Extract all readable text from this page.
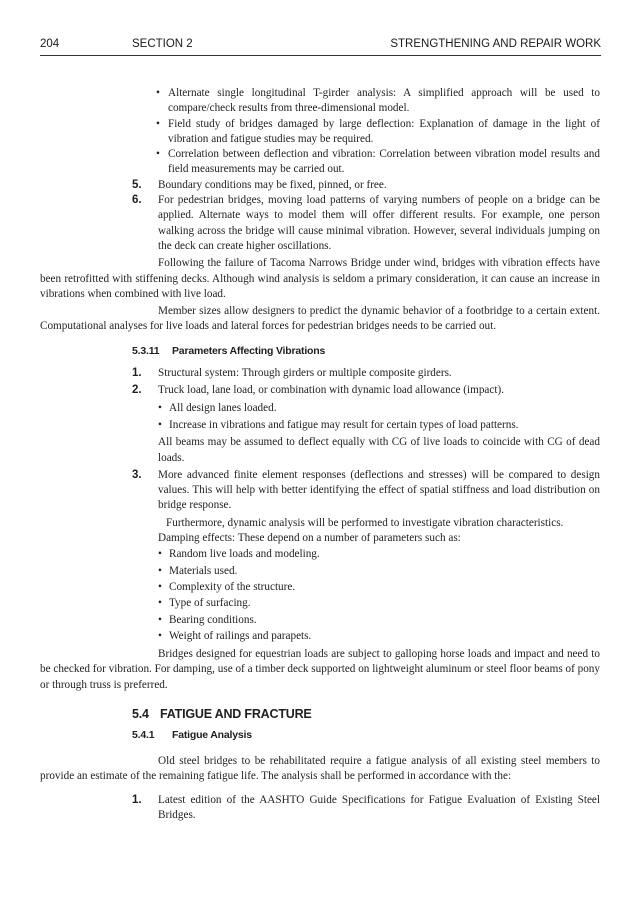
204	SECTION 2	STRENGTHENING AND REPAIR WORK
• Alternate single longitudinal T-girder analysis: A simplified approach will be used to compare/check results from three-dimensional model.
• Field study of bridges damaged by large deflection: Explanation of damage in the light of vibration and fatigue studies may be required.
• Correlation between deflection and vibration: Correlation between vibration model results and field measurements may be carried out.
5. Boundary conditions may be fixed, pinned, or free.
6. For pedestrian bridges, moving load patterns of varying numbers of people on a bridge can be applied. Alternate ways to model them will offer different results. For example, one person walking across the bridge will cause minimal vibration. However, several individuals jumping on the deck can create higher oscillations.
Following the failure of Tacoma Narrows Bridge under wind, bridges with vibration effects have been retrofitted with stiffening decks. Although wind analysis is seldom a primary consideration, it can cause an increase in vibrations when combined with live load.
Member sizes allow designers to predict the dynamic behavior of a footbridge to a certain extent. Computational analyses for live loads and lateral forces for pedestrian bridges needs to be carried out.
5.3.11 Parameters Affecting Vibrations
1. Structural system: Through girders or multiple composite girders.
2. Truck load, lane load, or combination with dynamic load allowance (impact).
• All design lanes loaded.
• Increase in vibrations and fatigue may result for certain types of load patterns.
All beams may be assumed to deflect equally with CG of live loads to coincide with CG of dead loads.
3. More advanced finite element responses (deflections and stresses) will be compared to design values. This will help with better identifying the effect of spatial stiffness and load distribution on bridge response.
Furthermore, dynamic analysis will be performed to investigate vibration characteristics.
Damping effects: These depend on a number of parameters such as:
• Random live loads and modeling.
• Materials used.
• Complexity of the structure.
• Type of surfacing.
• Bearing conditions.
• Weight of railings and parapets.
Bridges designed for equestrian loads are subject to galloping horse loads and impact and need to be checked for vibration. For damping, use of a timber deck supported on lightweight aluminum or steel floor beams of pony or through truss is preferred.
5.4 FATIGUE AND FRACTURE
5.4.1 Fatigue Analysis
Old steel bridges to be rehabilitated require a fatigue analysis of all existing steel members to provide an estimate of the remaining fatigue life. The analysis shall be performed in accordance with the:
1. Latest edition of the AASHTO Guide Specifications for Fatigue Evaluation of Existing Steel Bridges.
